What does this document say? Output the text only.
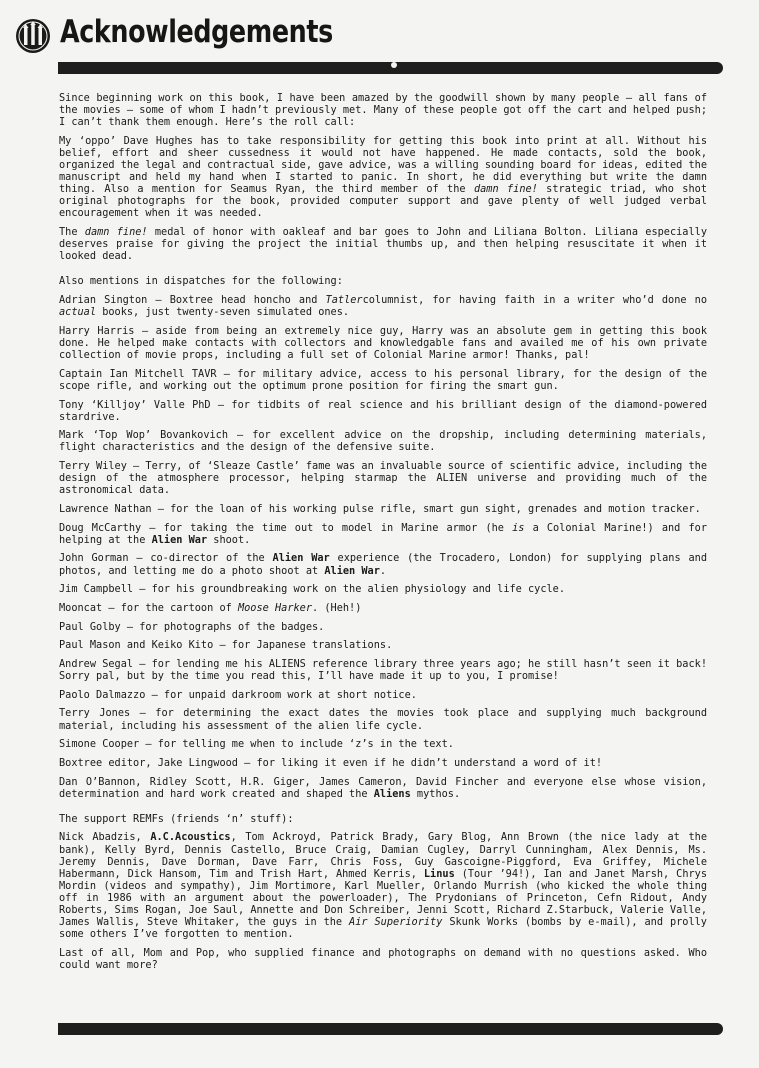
Acknowledgements

Since beginning work on this book, I have been amazed by the goodwill shown by many people – all fans of the movies – some of whom I hadn’t previously met. Many of these people got off the cart and helped push; I can’t thank them enough. Here’s the roll call:

My ‘oppo’ Dave Hughes has to take responsibility for getting this book into print at all. Without his belief, effort and sheer cussedness it would not have happened. He made contacts, sold the book, organized the legal and contractual side, gave advice, was a willing sounding board for ideas, edited the manuscript and held my hand when I started to panic. In short, he did everything but write the damn thing. Also a mention for Seamus Ryan, the third member of the damn fine! strategic triad, who shot original photographs for the book, provided computer support and gave plenty of well judged verbal encouragement when it was needed.

The damn fine! medal of honor with oakleaf and bar goes to John and Liliana Bolton. Liliana especially deserves praise for giving the project the initial thumbs up, and then helping resuscitate it when it looked dead.

Also mentions in dispatches for the following:

Adrian Sington – Boxtree head honcho and Tatlercolumnist, for having faith in a writer who’d done no actual books, just twenty-seven simulated ones.

Harry Harris – aside from being an extremely nice guy, Harry was an absolute gem in getting this book done. He helped make contacts with collectors and knowledgable fans and availed me of his own private collection of movie props, including a full set of Colonial Marine armor! Thanks, pal!

Captain Ian Mitchell TAVR – for military advice, access to his personal library, for the design of the scope rifle, and working out the optimum prone position for firing the smart gun.

Tony ‘Killjoy’ Valle PhD – for tidbits of real science and his brilliant design of the diamond-powered stardrive.

Mark ‘Top Wop’ Bovankovich – for excellent advice on the dropship, including determining materials, flight characteristics and the design of the defensive suite.

Terry Wiley – Terry, of ‘Sleaze Castle’ fame was an invaluable source of scientific advice, including the design of the atmosphere processor, helping starmap the ALIEN universe and providing much of the astronomical data.

Lawrence Nathan – for the loan of his working pulse rifle, smart gun sight, grenades and motion tracker.

Doug McCarthy – for taking the time out to model in Marine armor (he is a Colonial Marine!) and for helping at the Alien War shoot.

John Gorman – co-director of the Alien War experience (the Trocadero, London) for supplying plans and photos, and letting me do a photo shoot at Alien War.

Jim Campbell – for his groundbreaking work on the alien physiology and life cycle.

Mooncat – for the cartoon of Moose Harker. (Heh!)

Paul Golby – for photographs of the badges.

Paul Mason and Keiko Kito – for Japanese translations.

Andrew Segal – for lending me his ALIENS reference library three years ago; he still hasn’t seen it back! Sorry pal, but by the time you read this, I’ll have made it up to you, I promise!

Paolo Dalmazzo – for unpaid darkroom work at short notice.

Terry Jones – for determining the exact dates the movies took place and supplying much background material, including his assessment of the alien life cycle.

Simone Cooper – for telling me when to include ‘z’s in the text.

Boxtree editor, Jake Lingwood – for liking it even if he didn’t understand a word of it!

Dan O’Bannon, Ridley Scott, H.R. Giger, James Cameron, David Fincher and everyone else whose vision, determination and hard work created and shaped the Aliens mythos.

The support REMFs (friends ‘n’ stuff):

Nick Abadzis, A.C.Acoustics, Tom Ackroyd, Patrick Brady, Gary Blog, Ann Brown (the nice lady at the bank), Kelly Byrd, Dennis Castello, Bruce Craig, Damian Cugley, Darryl Cunningham, Alex Dennis, Ms. Jeremy Dennis, Dave Dorman, Dave Farr, Chris Foss, Guy Gascoigne-Piggford, Eva Griffey, Michele Habermann, Dick Hansom, Tim and Trish Hart, Ahmed Kerris, Linus (Tour ’94!), Ian and Janet Marsh, Chrys Mordin (videos and sympathy), Jim Mortimore, Karl Mueller, Orlando Murrish (who kicked the whole thing off in 1986 with an argument about the powerloader), The Prydonians of Princeton, Cefn Ridout, Andy Roberts, Sims Rogan, Joe Saul, Annette and Don Schreiber, Jenni Scott, Richard Z.Starbuck, Valerie Valle, James Wallis, Steve Whitaker, the guys in the Air Superiority Skunk Works (bombs by e-mail), and prolly some others I’ve forgotten to mention.

Last of all, Mom and Pop, who supplied finance and photographs on demand with no questions asked. Who could want more?
